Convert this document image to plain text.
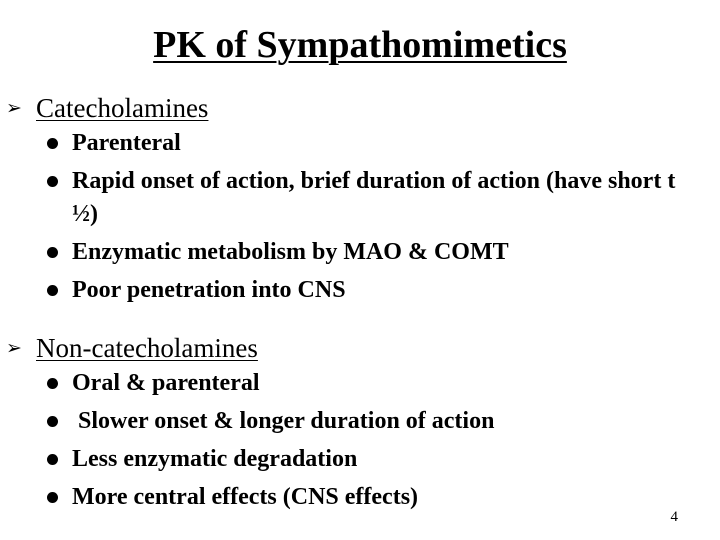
PK of Sympathomimetics
➢ Catecholamines
Parenteral
Rapid onset of action, brief duration of action (have short t ½)
Enzymatic metabolism by MAO & COMT
Poor penetration into CNS
➢ Non-catecholamines
Oral & parenteral
Slower onset & longer duration of action
Less enzymatic degradation
More central effects (CNS effects)
4
